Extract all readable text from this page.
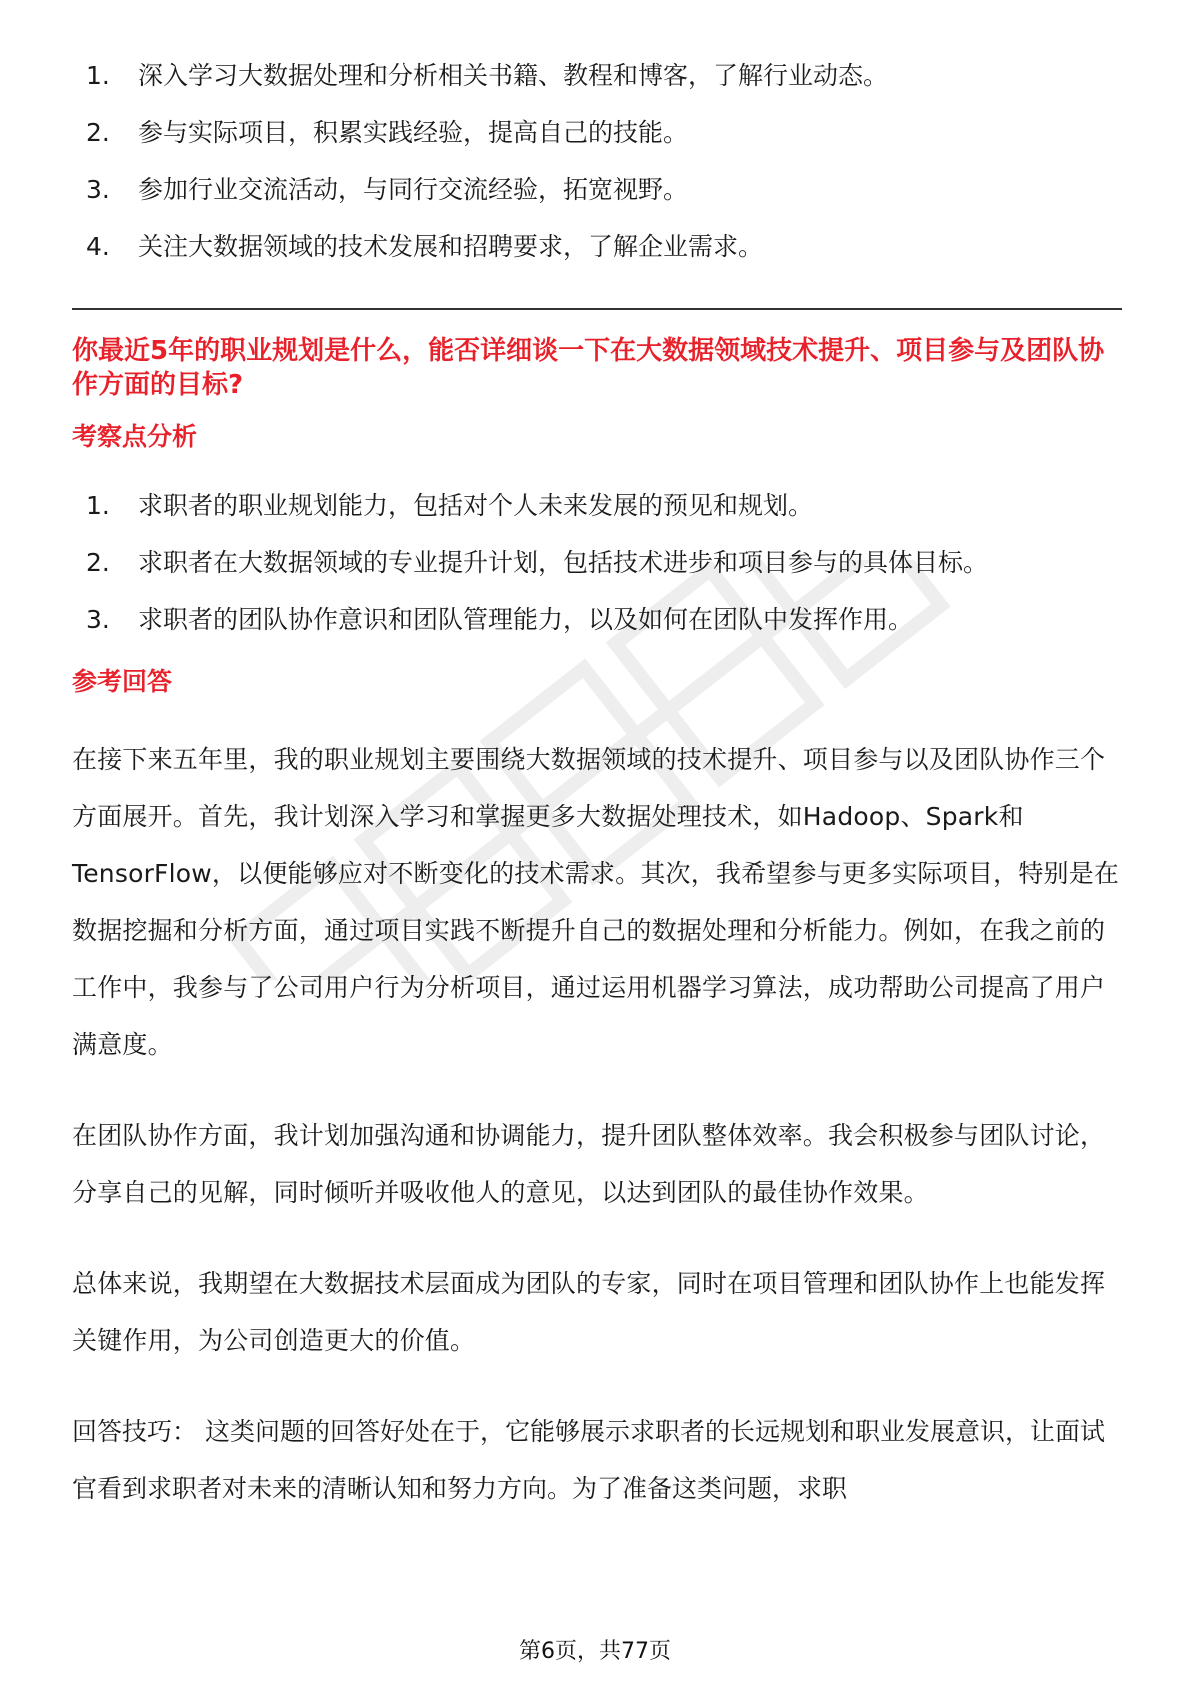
1.	深入学习大数据处理和分析相关书籍、教程和博客，了解行业动态。
2.	参与实际项目，积累实践经验，提高自己的技能。
3.	参加行业交流活动，与同行交流经验，拓宽视野。
4.	关注大数据领域的技术发展和招聘要求，了解企业需求。
你最近5年的职业规划是什么，能否详细谈一下在大数据领域技术提升、项目参与及团队协作方面的目标?
考察点分析
1.	求职者的职业规划能力，包括对个人未来发展的预见和规划。
2.	求职者在大数据领域的专业提升计划，包括技术进步和项目参与的具体目标。
3.	求职者的团队协作意识和团队管理能力，以及如何在团队中发挥作用。
参考回答

在接下来五年里，我的职业规划主要围绕大数据领域的技术提升、项目参与以及团队协作三个方面展开。首先，我计划深入学习和掌握更多大数据处理技术，如Hadoop、Spark和TensorFlow，以便能够应对不断变化的技术需求。其次，我希望参与更多实际项目，特别是在数据挖掘和分析方面，通过项目实践不断提升自己的数据处理和分析能力。例如，在我之前的工作中，我参与了公司用户行为分析项目，通过运用机器学习算法，成功帮助公司提高了用户满意度。

在团队协作方面，我计划加强沟通和协调能力，提升团队整体效率。我会积极参与团队讨论，分享自己的见解，同时倾听并吸收他人的意见，以达到团队的最佳协作效果。

总体来说，我期望在大数据技术层面成为团队的专家，同时在项目管理和团队协作上也能发挥关键作用，为公司创造更大的价值。

回答技巧： 这类问题的回答好处在于，它能够展示求职者的长远规划和职业发展意识，让面试官看到求职者对未来的清晰认知和努力方向。为了准备这类问题，求职

第6页，共77页
